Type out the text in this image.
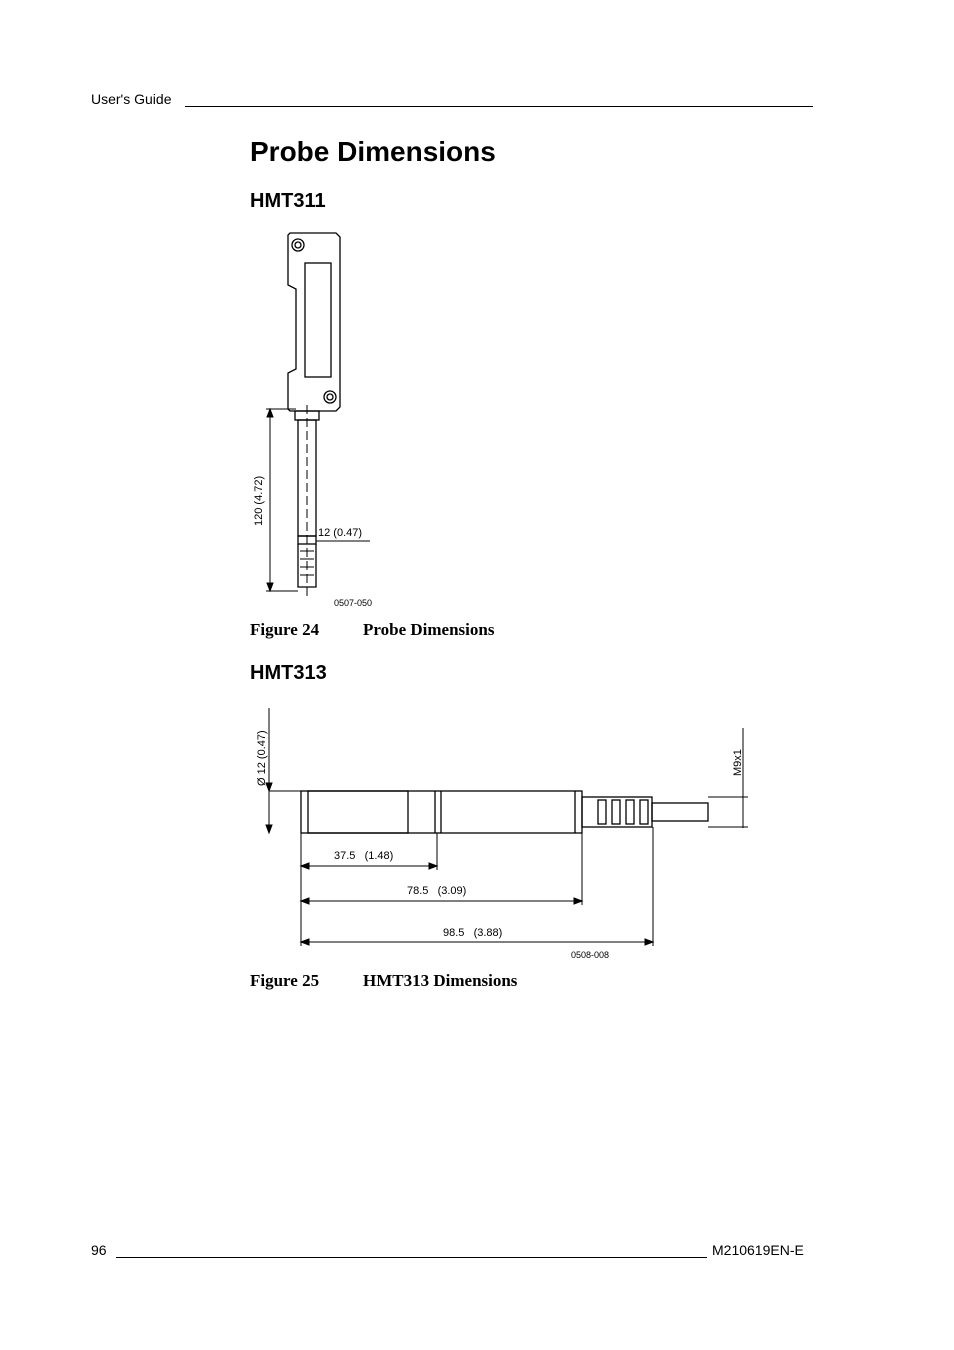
User's Guide
Probe Dimensions
HMT311
120 (4.72)
12 (0.47)
0507-050
Figure 24	Probe Dimensions
HMT313
Ø 12 (0.47)	M9x1
37.5   (1.48)
78.5   (3.09)
98.5   (3.88)
0508-008
Figure 25	HMT313 Dimensions
96	M210619EN-E
